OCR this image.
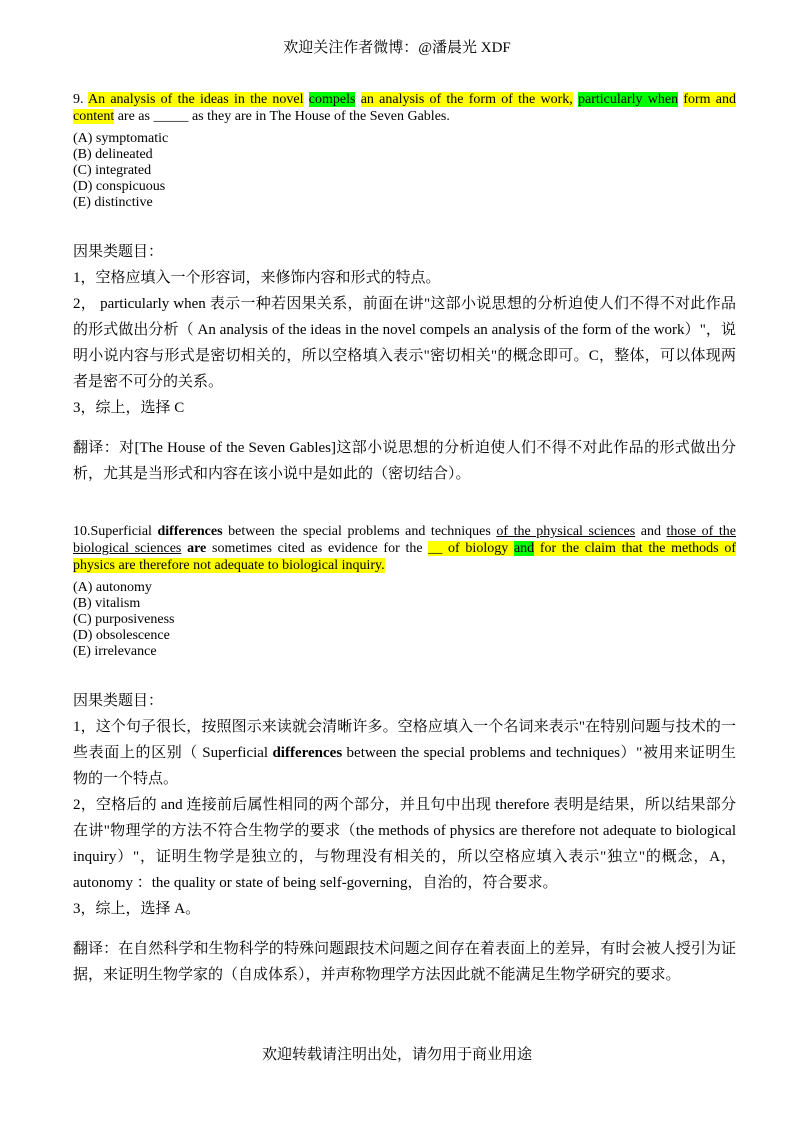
欢迎关注作者微博：@潘晨光 XDF

9. An analysis of the ideas in the novel compels an analysis of the form of the work, particularly when form and content are as _____ as they are in The House of the Seven Gables.

(A) symptomatic
(B) delineated
(C) integrated
(D) conspicuous
(E) distinctive

因果类题目：

1，空格应填入一个形容词，来修饰内容和形式的特点。

2， particularly when 表示一种若因果关系，前面在讲"这部小说思想的分析迫使人们不得不对此作品的形式做出分析（ An analysis of the ideas in the novel compels an analysis of the form of the work）"，说明小说内容与形式是密切相关的，所以空格填入表示"密切相关"的概念即可。C，整体，可以体现两者是密不可分的关系。

3，综上，选择 C

翻译：对[The House of the Seven Gables]这部小说思想的分析迫使人们不得不对此作品的形式做出分析，尤其是当形式和内容在该小说中是如此的（密切结合）。

10.Superficial differences between the special problems and techniques of the physical sciences and those of the biological sciences are sometimes cited as evidence for the __ of biology and for the claim that the methods of physics are therefore not adequate to biological inquiry.

(A) autonomy
(B) vitalism
(C) purposiveness
(D) obsolescence
(E) irrelevance

因果类题目：

1，这个句子很长，按照图示来读就会清晰许多。空格应填入一个名词来表示"在特别问题与技术的一些表面上的区别（ Superficial differences between the special problems and techniques）"被用来证明生物的一个特点。

2，空格后的 and 连接前后属性相同的两个部分，并且句中出现 therefore 表明是结果，所以结果部分在讲"物理学的方法不符合生物学的要求（the methods of physics are therefore not adequate to biological inquiry）"，证明生物学是独立的，与物理没有相关的，所以空格应填入表示"独立"的概念，A， autonomy ：the quality or state of being self-governing，自治的，符合要求。

3，综上，选择 A。

翻译：在自然科学和生物科学的特殊问题跟技术问题之间存在着表面上的差异，有时会被人授引为证据，来证明生物学家的（自成体系），并声称物理学方法因此就不能满足生物学研究的要求。

欢迎转载请注明出处，请勿用于商业用途
